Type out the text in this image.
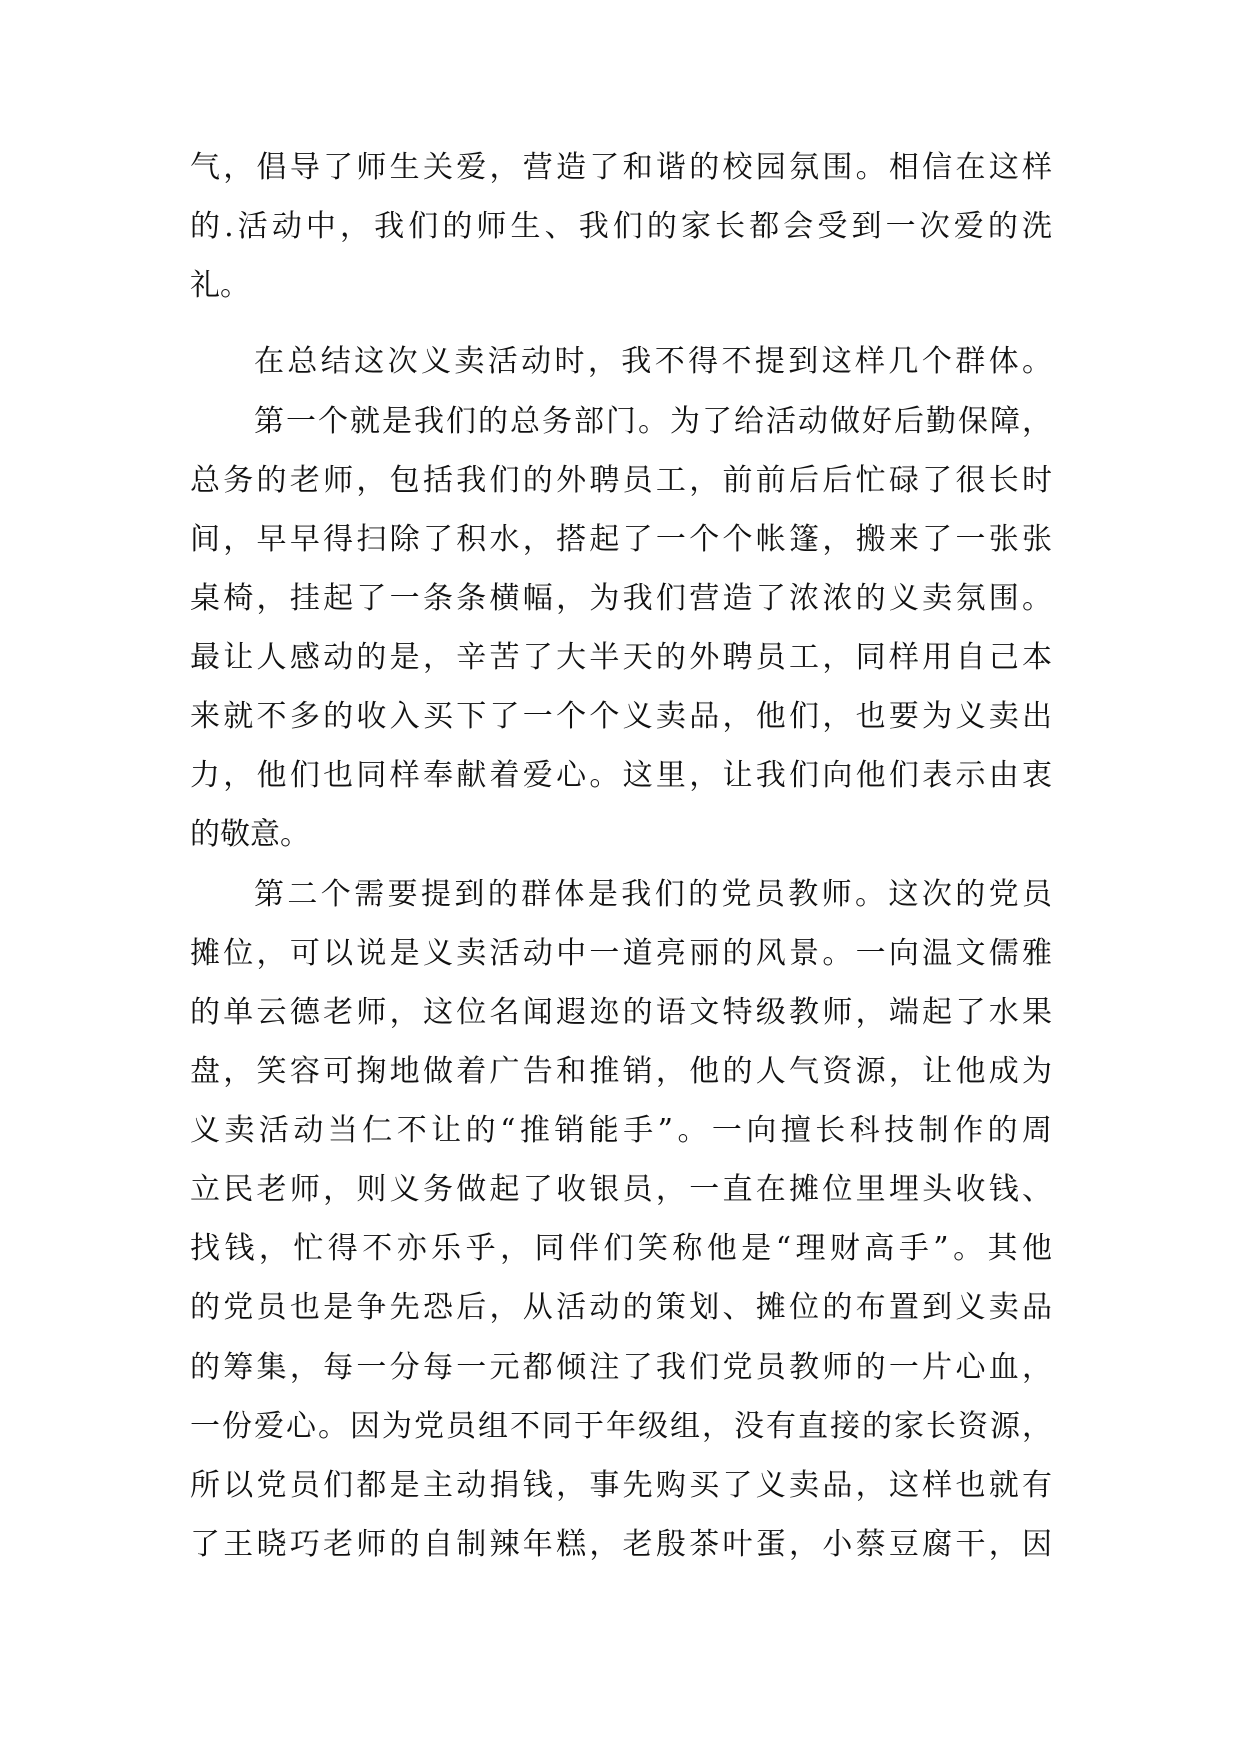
气，倡导了师生关爱，营造了和谐的校园氛围。相信在这样
的.活动中，我们的师生、我们的家长都会受到一次爱的洗
礼。
在总结这次义卖活动时，我不得不提到这样几个群体。
第一个就是我们的总务部门。为了给活动做好后勤保障，
总务的老师，包括我们的外聘员工，前前后后忙碌了很长时
间，早早得扫除了积水，搭起了一个个帐篷，搬来了一张张
桌椅，挂起了一条条横幅，为我们营造了浓浓的义卖氛围。
最让人感动的是，辛苦了大半天的外聘员工，同样用自己本
来就不多的收入买下了一个个义卖品，他们，也要为义卖出
力，他们也同样奉献着爱心。这里，让我们向他们表示由衷
的敬意。
第二个需要提到的群体是我们的党员教师。这次的党员
摊位，可以说是义卖活动中一道亮丽的风景。一向温文儒雅
的单云德老师，这位名闻遐迩的语文特级教师，端起了水果
盘，笑容可掬地做着广告和推销，他的人气资源，让他成为
义卖活动当仁不让的“推销能手”。一向擅长科技制作的周
立民老师，则义务做起了收银员，一直在摊位里埋头收钱、
找钱，忙得不亦乐乎，同伴们笑称他是“理财高手”。其他
的党员也是争先恐后，从活动的策划、摊位的布置到义卖品
的筹集，每一分每一元都倾注了我们党员教师的一片心血，
一份爱心。因为党员组不同于年级组，没有直接的家长资源，
所以党员们都是主动捐钱，事先购买了义卖品，这样也就有
了王晓巧老师的自制辣年糕，老殷茶叶蛋，小蔡豆腐干，因
